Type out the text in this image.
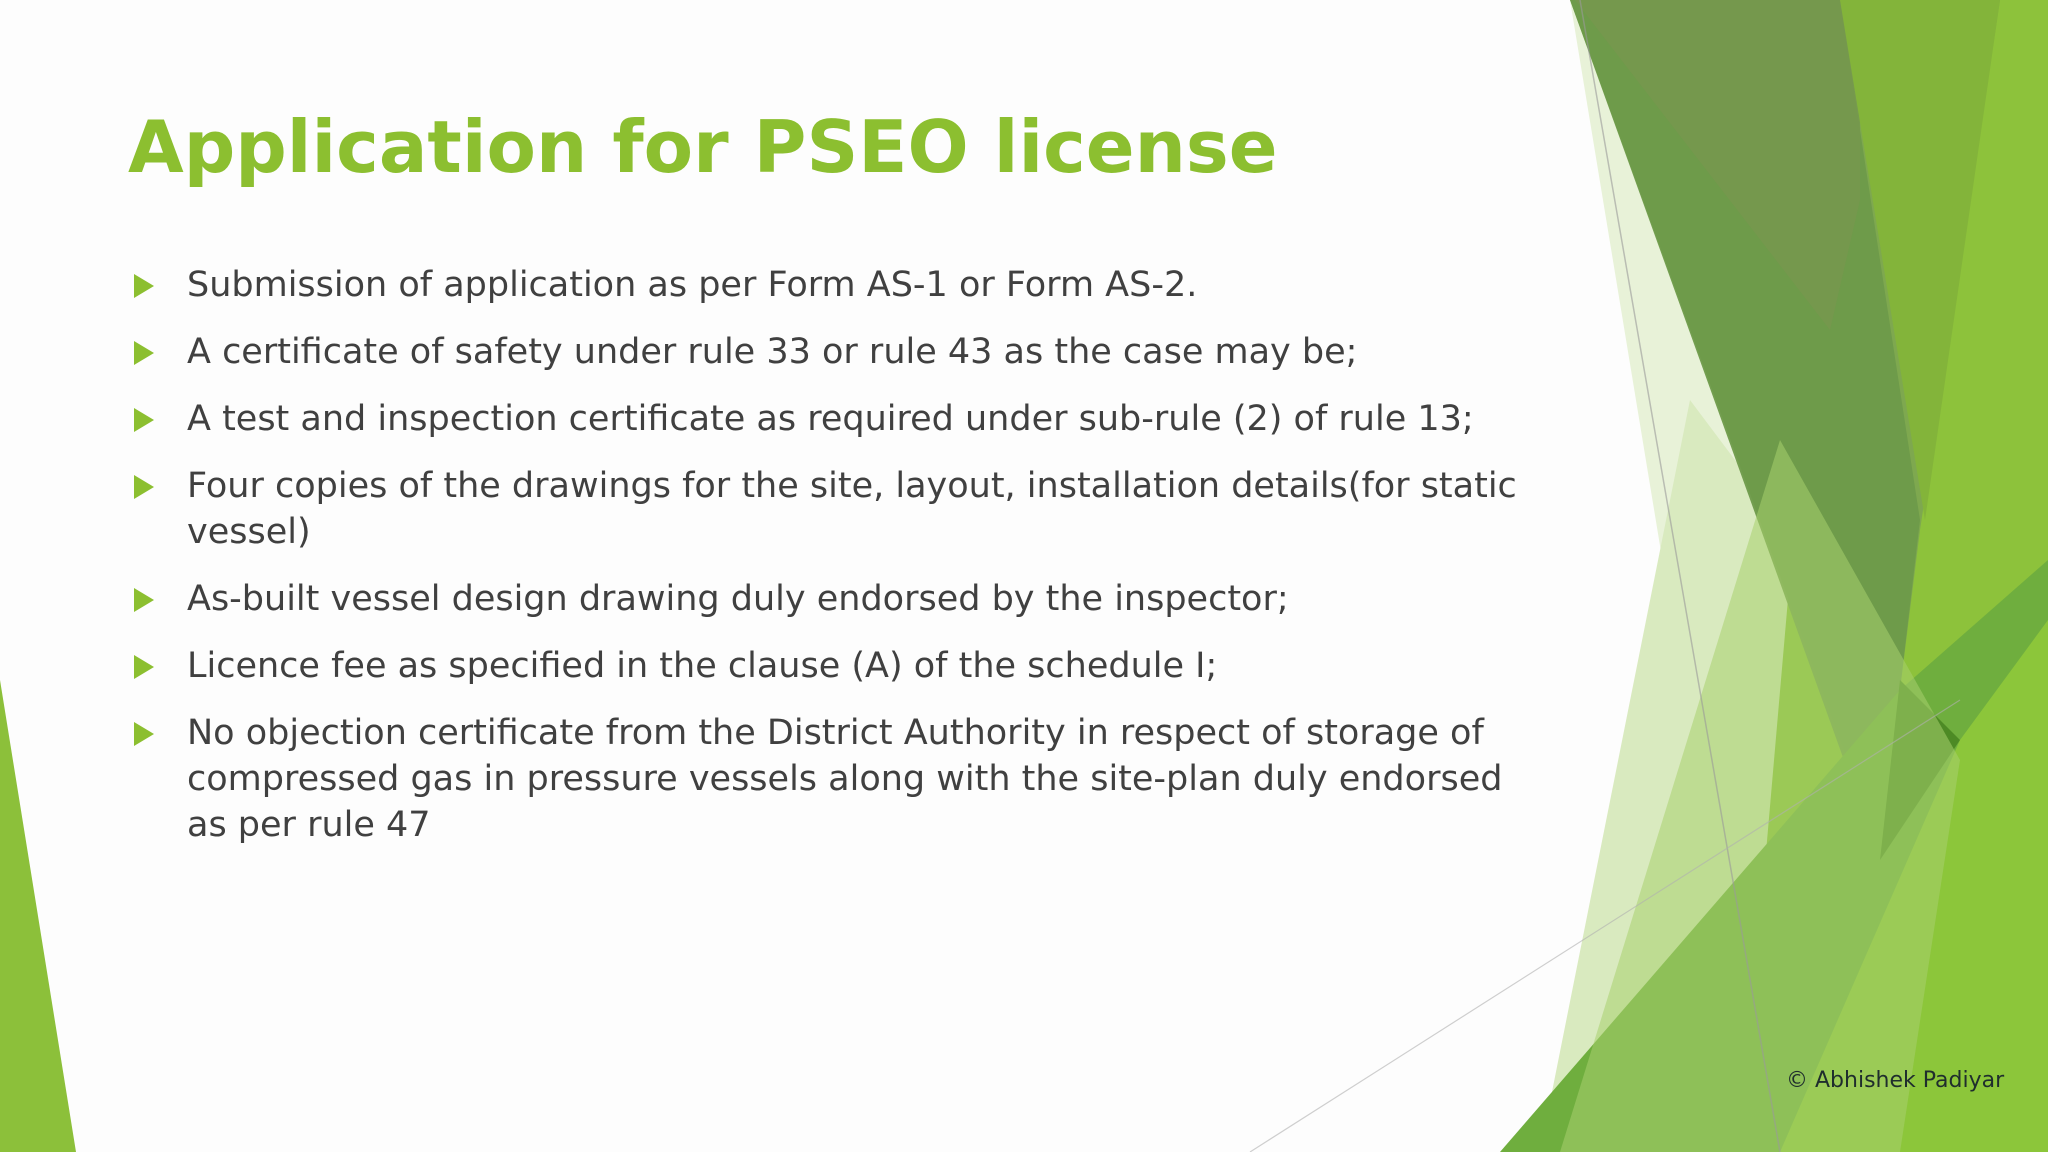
Application for PSEO license
Submission of application as per Form AS-1 or Form AS-2.
A certificate of safety under rule 33 or rule 43 as the case may be;
A test and inspection certificate as required under sub-rule (2) of rule 13;
Four copies of the drawings for the site, layout, installation details(for static vessel)
As-built vessel design drawing duly endorsed by the inspector;
Licence fee as specified in the clause (A) of the schedule I;
No objection certificate from the District Authority in respect of storage of compressed gas in pressure vessels along with the site-plan duly endorsed as per rule 47
© Abhishek Padiyar
